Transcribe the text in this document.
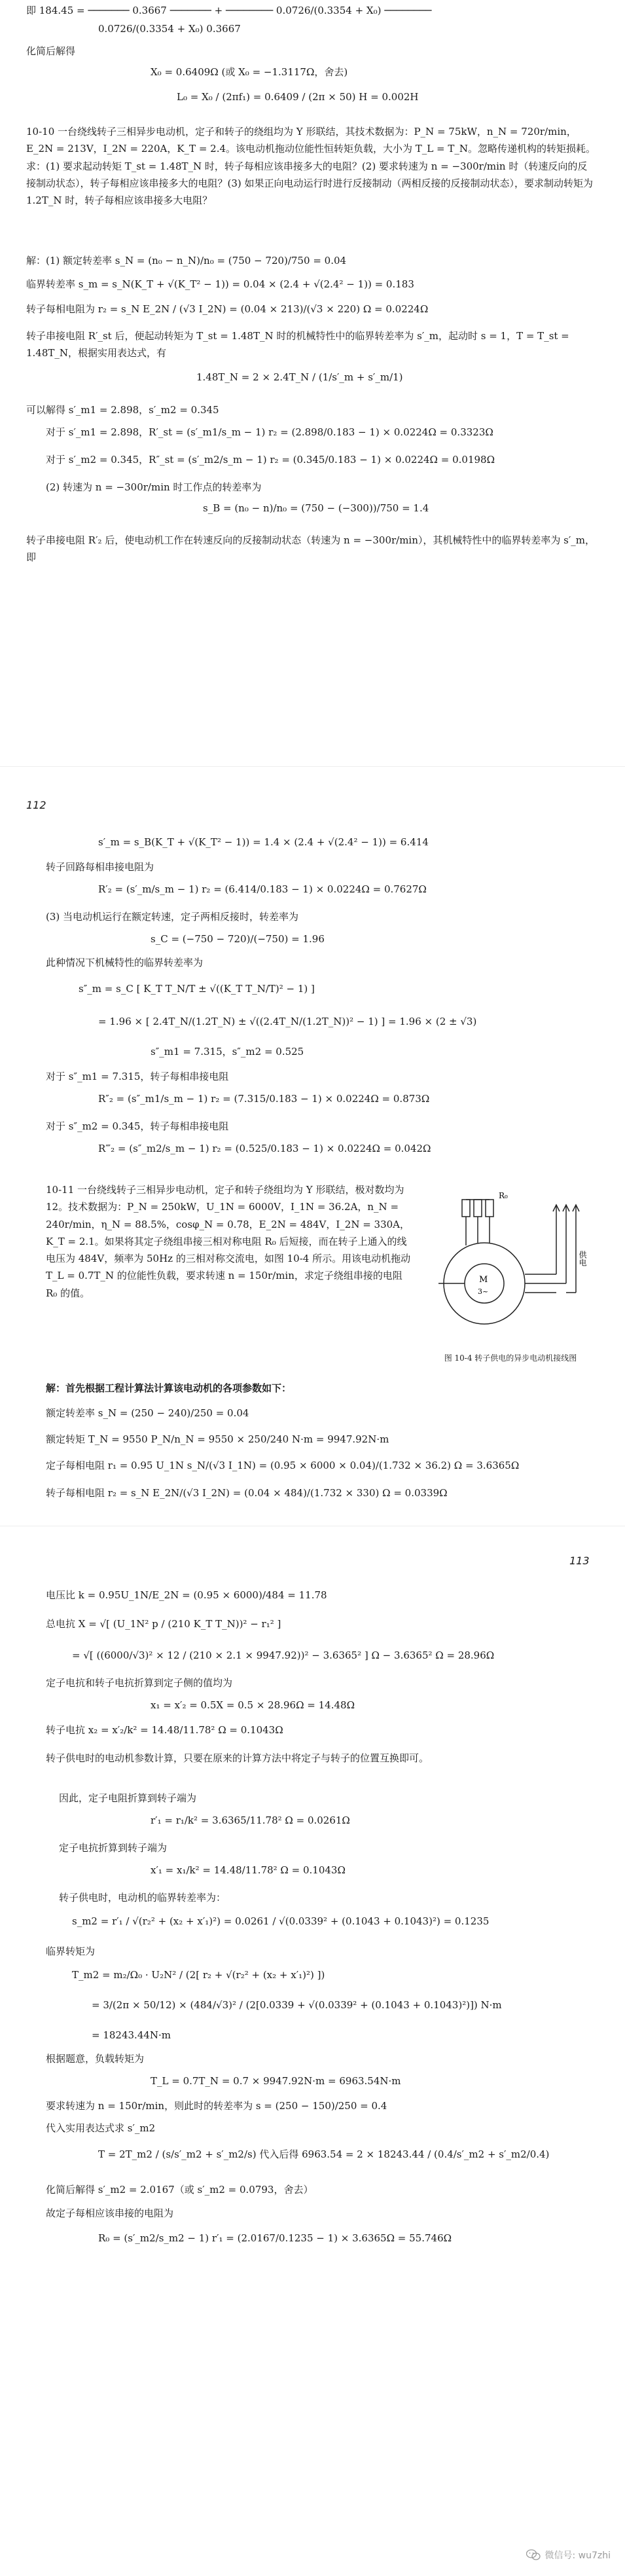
即 184.45 = ─────── 0.3667 ─────── + ──────── 0.0726/(0.3354 + X₀) ────────
0.0726/(0.3354 + X₀) 0.3667
化简后解得
X₀ = 0.6409Ω (或 X₀ = −1.3117Ω，舍去)
L₀ = X₀ / (2πf₁) = 0.6409 / (2π × 50) H = 0.002H
10-10 一台绕线转子三相异步电动机，定子和转子的绕组均为 Y 形联结，其技术数据为：P_N = 75kW，n_N = 720r/min，E_2N = 213V，I_2N = 220A，K_T = 2.4。该电动机拖动位能性恒转矩负载，大小为 T_L = T_N。忽略传递机构的转矩损耗。求：(1) 要求起动转矩 T_st = 1.48T_N 时，转子每相应该串接多大的电阻？(2) 要求转速为 n = −300r/min 时（转速反向的反接制动状态），转子每相应该串接多大的电阻？(3) 如果正向电动运行时进行反接制动（两相反接的反接制动状态），要求制动转矩为 1.2T_N 时，转子每相应该串接多大电阻？
解：(1) 额定转差率 s_N = (n₀ − n_N)/n₀ = (750 − 720)/750 = 0.04
临界转差率 s_m = s_N(K_T + √(K_T² − 1)) = 0.04 × (2.4 + √(2.4² − 1)) = 0.183
转子每相电阻为 r₂ = s_N E_2N / (√3 I_2N) = (0.04 × 213)/(√3 × 220) Ω = 0.0224Ω
转子串接电阻 R′_st 后，便起动转矩为 T_st = 1.48T_N 时的机械特性中的临界转差率为 s′_m，起动时 s = 1，T = T_st = 1.48T_N，根据实用表达式，有
1.48T_N = 2 × 2.4T_N / (1/s′_m + s′_m/1)
可以解得 s′_m1 = 2.898，s′_m2 = 0.345
对于 s′_m1 = 2.898，R′_st = (s′_m1/s_m − 1) r₂ = (2.898/0.183 − 1) × 0.0224Ω = 0.3323Ω
对于 s′_m2 = 0.345，R″_st = (s′_m2/s_m − 1) r₂ = (0.345/0.183 − 1) × 0.0224Ω = 0.0198Ω
(2) 转速为 n = −300r/min 时工作点的转差率为
s_B = (n₀ − n)/n₀ = (750 − (−300))/750 = 1.4
转子串接电阻 R′₂ 后，使电动机工作在转速反向的反接制动状态（转速为 n = −300r/min），其机械特性中的临界转差率为 s′_m，即
112
s′_m = s_B(K_T + √(K_T² − 1)) = 1.4 × (2.4 + √(2.4² − 1)) = 6.414
转子回路每相串接电阻为
R′₂ = (s′_m/s_m − 1) r₂ = (6.414/0.183 − 1) × 0.0224Ω = 0.7627Ω
(3) 当电动机运行在额定转速，定子两相反接时，转差率为
s_C = (−750 − 720)/(−750) = 1.96
此种情况下机械特性的临界转差率为
s″_m = s_C [ K_T T_N/T ± √((K_T T_N/T)² − 1) ]
= 1.96 × [ 2.4T_N/(1.2T_N) ± √((2.4T_N/(1.2T_N))² − 1) ] = 1.96 × (2 ± √3)
s″_m1 = 7.315，s″_m2 = 0.525
对于 s″_m1 = 7.315，转子每相串接电阻
R″₂ = (s″_m1/s_m − 1) r₂ = (7.315/0.183 − 1) × 0.0224Ω = 0.873Ω
对于 s″_m2 = 0.345，转子每相串接电阻
R‴₂ = (s″_m2/s_m − 1) r₂ = (0.525/0.183 − 1) × 0.0224Ω = 0.042Ω
10-11 一台绕线转子三相异步电动机，定子和转子绕组均为 Y 形联结，极对数均为 12。技术数据为：P_N = 250kW，U_1N = 6000V，I_1N = 36.2A，n_N = 240r/min，η_N = 88.5%，cosφ_N = 0.78，E_2N = 484V，I_2N = 330A，K_T = 2.1。如果将其定子绕组串接三相对称电阻 R₀ 后短接，而在转子上通入的线电压为 484V，频率为 50Hz 的三相对称交流电，如图 10-4 所示。用该电动机拖动 T_L = 0.7T_N 的位能性负载，要求转速 n = 150r/min，求定子绕组串接的电阻 R₀ 的值。
R₀
M
3~
供电
图 10-4 转子供电的异步电动机接线图
解：首先根据工程计算法计算该电动机的各项参数如下：
额定转差率 s_N = (250 − 240)/250 = 0.04
额定转矩 T_N = 9550 P_N/n_N = 9550 × 250/240 N·m = 9947.92N·m
定子每相电阻 r₁ = 0.95 U_1N s_N/(√3 I_1N) = (0.95 × 6000 × 0.04)/(1.732 × 36.2) Ω = 3.6365Ω
转子每相电阻 r₂ = s_N E_2N/(√3 I_2N) = (0.04 × 484)/(1.732 × 330) Ω = 0.0339Ω
113
电压比 k = 0.95U_1N/E_2N = (0.95 × 6000)/484 = 11.78
总电抗 X = √[ (U_1N² p / (210 K_T T_N))² − r₁² ]
= √[ ((6000/√3)² × 12 / (210 × 2.1 × 9947.92))² − 3.6365² ] Ω − 3.6365² Ω = 28.96Ω
定子电抗和转子电抗折算到定子侧的值均为
x₁ = x′₂ = 0.5X = 0.5 × 28.96Ω = 14.48Ω
转子电抗 x₂ = x′₂/k² = 14.48/11.78² Ω = 0.1043Ω
转子供电时的电动机参数计算，只要在原来的计算方法中将定子与转子的位置互换即可。
因此，定子电阻折算到转子端为
r′₁ = r₁/k² = 3.6365/11.78² Ω = 0.0261Ω
定子电抗折算到转子端为
x′₁ = x₁/k² = 14.48/11.78² Ω = 0.1043Ω
转子供电时，电动机的临界转差率为：
s_m2 = r′₁ / √(r₂² + (x₂ + x′₁)²) = 0.0261 / √(0.0339² + (0.1043 + 0.1043)²) = 0.1235
临界转矩为
T_m2 = m₂/Ω₀ · U₂N² / (2[ r₂ + √(r₂² + (x₂ + x′₁)²) ])
= 3/(2π × 50/12) × (484/√3)² / (2[0.0339 + √(0.0339² + (0.1043 + 0.1043)²)]) N·m
= 18243.44N·m
根据题意，负载转矩为
T_L = 0.7T_N = 0.7 × 9947.92N·m = 6963.54N·m
要求转速为 n = 150r/min，则此时的转差率为 s = (250 − 150)/250 = 0.4
代入实用表达式求 s′_m2
T = 2T_m2 / (s/s′_m2 + s′_m2/s) 代入后得 6963.54 = 2 × 18243.44 / (0.4/s′_m2 + s′_m2/0.4)
化简后解得 s′_m2 = 2.0167（或 s′_m2 = 0.0793，舍去）
故定子每相应该串接的电阻为
R₀ = (s′_m2/s_m2 − 1) r′₁ = (2.0167/0.1235 − 1) × 3.6365Ω = 55.746Ω
微信号: wu7zhi
